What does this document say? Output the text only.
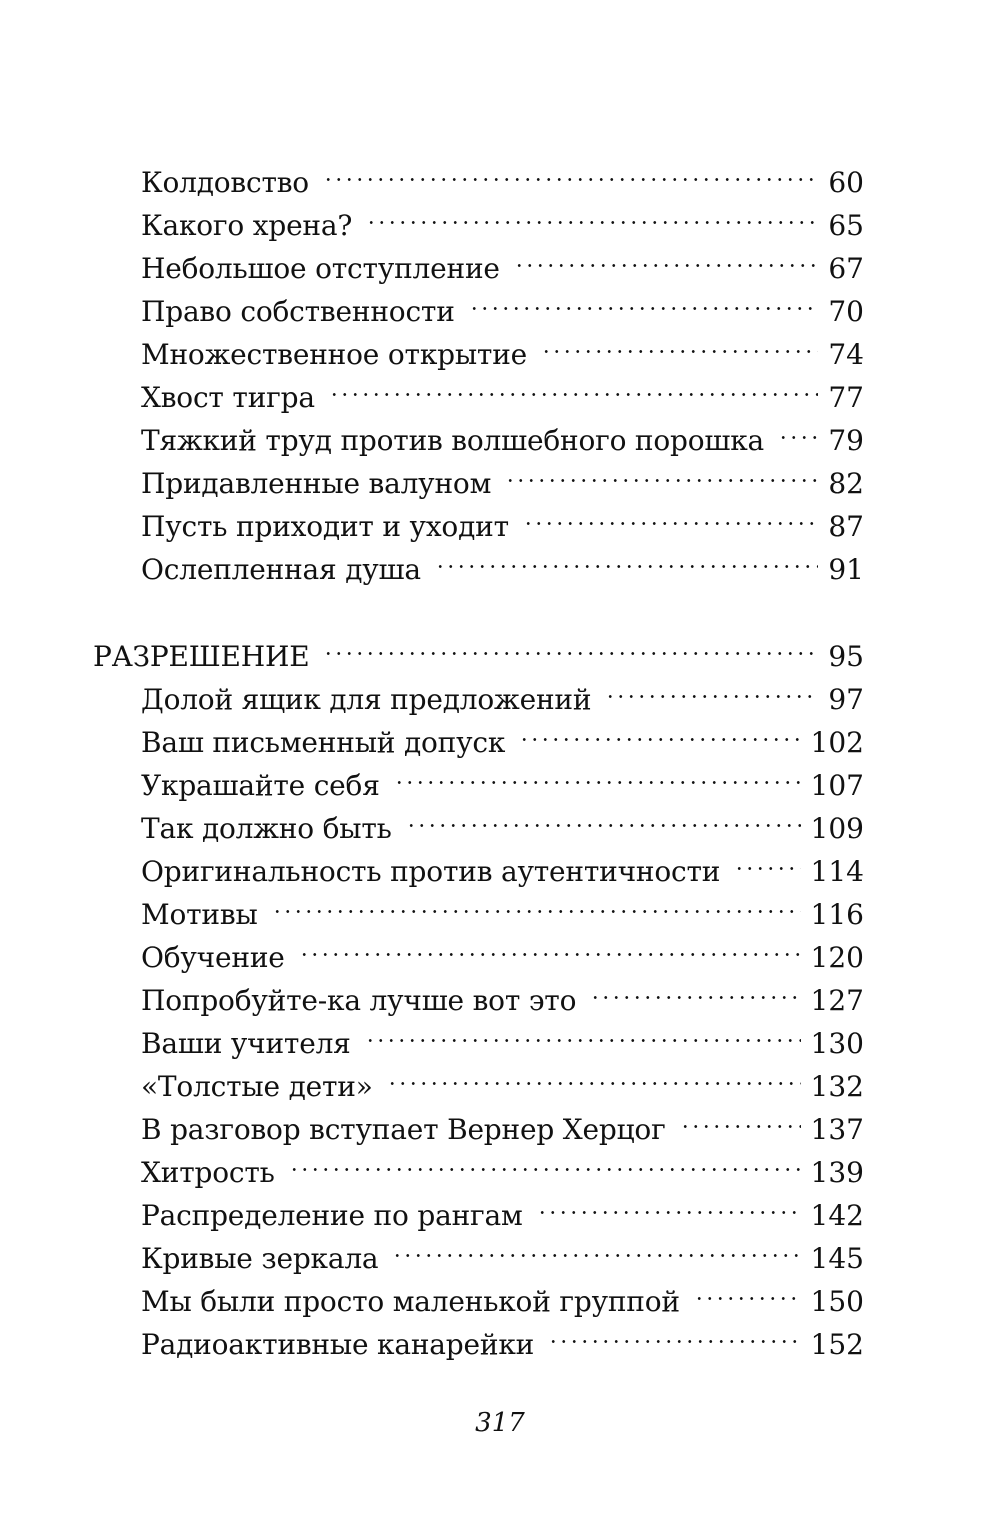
Колдовство	60
Какого хрена?	65
Небольшое отступление	67
Право собственности	70
Множественное открытие	74
Хвост тигра	77
Тяжкий труд против волшебного порошка 79
Придавленные валуном	82
Пусть приходит и уходит	87
Ослепленная душа	91
РАЗРЕШЕНИЕ	95
Долой ящик для предложений	97
Ваш письменный допуск	102
Украшайте себя	107
Так должно быть	109
Оригинальность против аутентичности	114
Мотивы	116
Обучение	120
Попробуйте-ка лучше вот это	127
Ваши учителя	130
«Толстые дети»	132
В разговор вступает Вернер Херцог	137
Хитрость	139
Распределение по рангам	142
Кривые зеркала	145
Мы были просто маленькой группой	150
Радиоактивные канарейки	152
317
